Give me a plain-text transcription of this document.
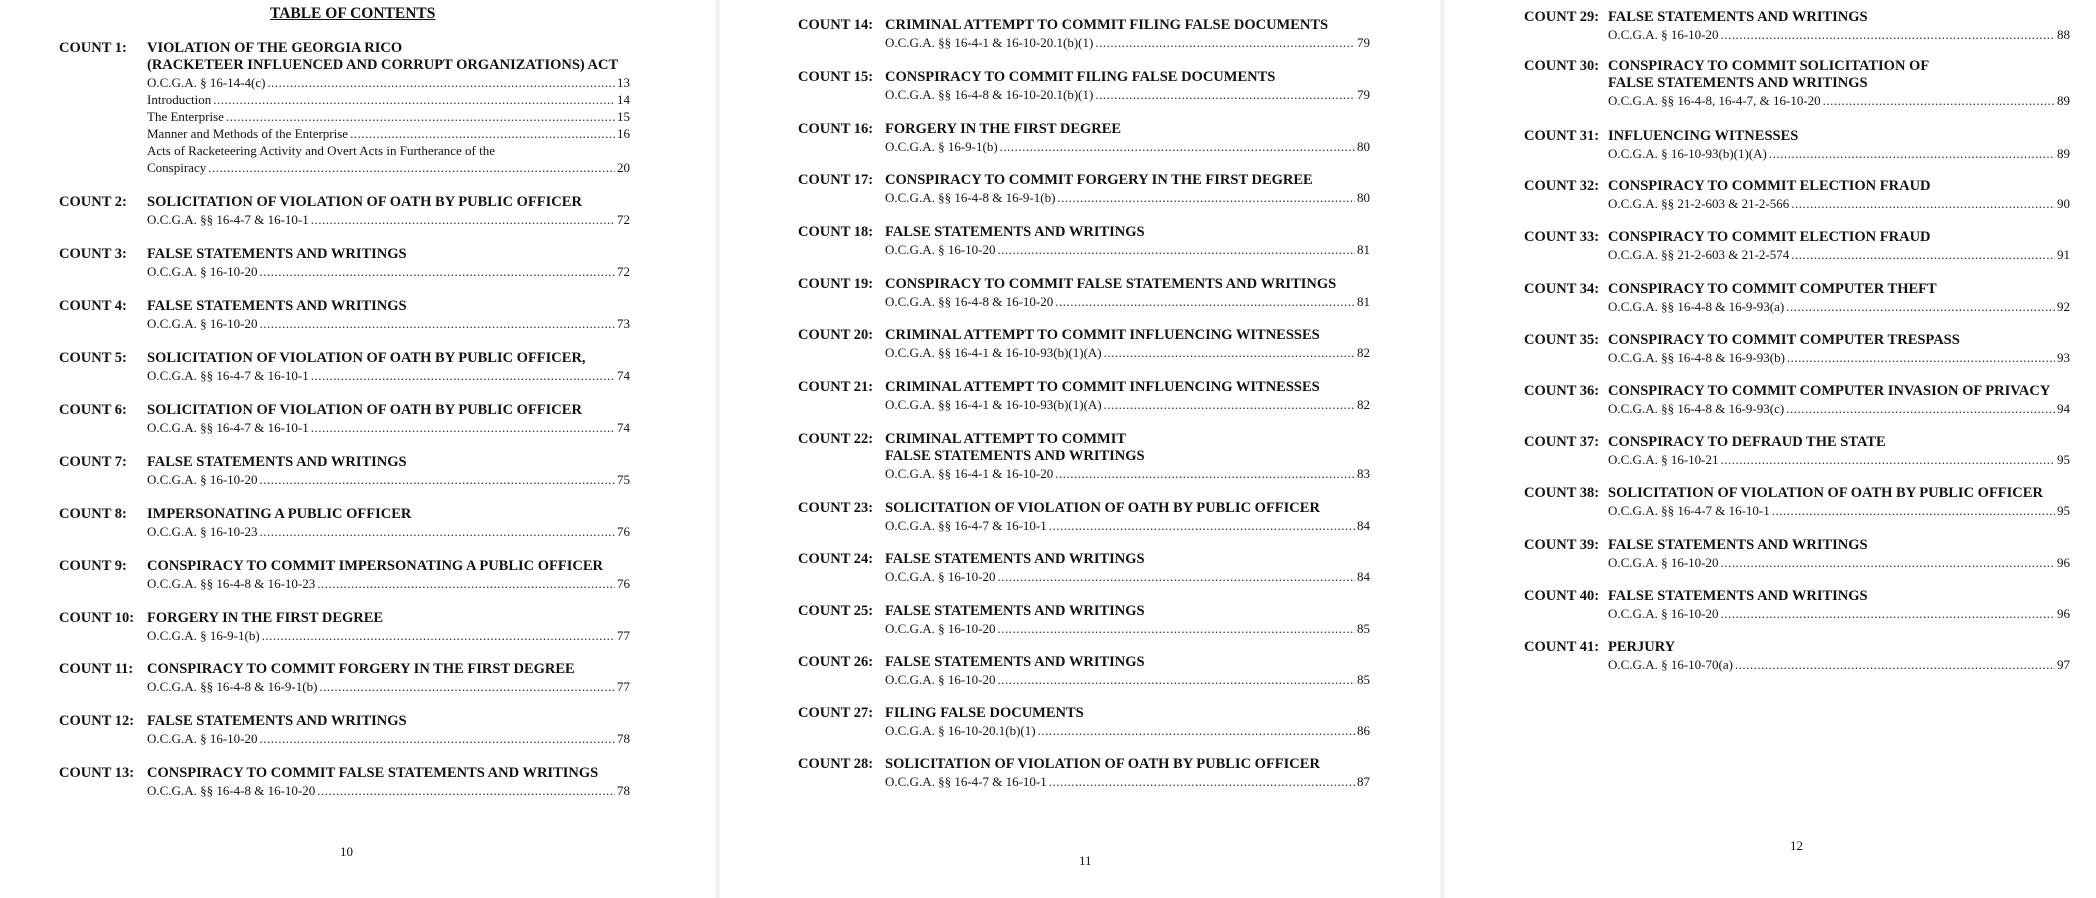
TABLE OF CONTENTS
10
COUNT 1: VIOLATION OF THE GEORGIA RICO
(RACKETEER INFLUENCED AND CORRUPT ORGANIZATIONS) ACT
O.C.G.A. § 16-14-4(c) .....	13
Introduction .....	14
The Enterprise .....	15
Manner and Methods of the Enterprise .....	16
Acts of Racketeering Activity and Overt Acts in Furtherance of the
Conspiracy .....	20
COUNT 2: SOLICITATION OF VIOLATION OF OATH BY PUBLIC OFFICER
O.C.G.A. §§ 16-4-7 & 16-10-1 .....	72
COUNT 3: FALSE STATEMENTS AND WRITINGS
O.C.G.A. § 16-10-20 .....	72
COUNT 4: FALSE STATEMENTS AND WRITINGS
O.C.G.A. § 16-10-20 .....	73
COUNT 5: SOLICITATION OF VIOLATION OF OATH BY PUBLIC OFFICER,
O.C.G.A. §§ 16-4-7 & 16-10-1 .....	74
COUNT 6: SOLICITATION OF VIOLATION OF OATH BY PUBLIC OFFICER
O.C.G.A. §§ 16-4-7 & 16-10-1 .....	74
COUNT 7: FALSE STATEMENTS AND WRITINGS
O.C.G.A. § 16-10-20 .....	75
COUNT 8: IMPERSONATING A PUBLIC OFFICER
O.C.G.A. § 16-10-23 .....	76
COUNT 9: CONSPIRACY TO COMMIT IMPERSONATING A PUBLIC OFFICER
O.C.G.A. §§ 16-4-8 & 16-10-23 .....	76
COUNT 10: FORGERY IN THE FIRST DEGREE
O.C.G.A. § 16-9-1(b) .....	77
COUNT 11: CONSPIRACY TO COMMIT FORGERY IN THE FIRST DEGREE
O.C.G.A. §§ 16-4-8 & 16-9-1(b) .....	77
COUNT 12: FALSE STATEMENTS AND WRITINGS
O.C.G.A. § 16-10-20 .....	78
COUNT 13: CONSPIRACY TO COMMIT FALSE STATEMENTS AND WRITINGS
O.C.G.A. §§ 16-4-8 & 16-10-20 .....	78
11
COUNT 14: CRIMINAL ATTEMPT TO COMMIT FILING FALSE DOCUMENTS
O.C.G.A. §§ 16-4-1 & 16-10-20.1(b)(1) .....	79
COUNT 15: CONSPIRACY TO COMMIT FILING FALSE DOCUMENTS
O.C.G.A. §§ 16-4-8 & 16-10-20.1(b)(1) .....	79
COUNT 16: FORGERY IN THE FIRST DEGREE
O.C.G.A. § 16-9-1(b) .....	80
COUNT 17: CONSPIRACY TO COMMIT FORGERY IN THE FIRST DEGREE
O.C.G.A. §§ 16-4-8 & 16-9-1(b) .....	80
COUNT 18: FALSE STATEMENTS AND WRITINGS
O.C.G.A. § 16-10-20 .....	81
COUNT 19: CONSPIRACY TO COMMIT FALSE STATEMENTS AND WRITINGS
O.C.G.A. §§ 16-4-8 & 16-10-20 .....	81
COUNT 20: CRIMINAL ATTEMPT TO COMMIT INFLUENCING WITNESSES
O.C.G.A. §§ 16-4-1 & 16-10-93(b)(1)(A) .....	82
COUNT 21: CRIMINAL ATTEMPT TO COMMIT INFLUENCING WITNESSES
O.C.G.A. §§ 16-4-1 & 16-10-93(b)(1)(A) .....	82
COUNT 22: CRIMINAL ATTEMPT TO COMMIT
FALSE STATEMENTS AND WRITINGS
O.C.G.A. §§ 16-4-1 & 16-10-20 .....	83
COUNT 23: SOLICITATION OF VIOLATION OF OATH BY PUBLIC OFFICER
O.C.G.A. §§ 16-4-7 & 16-10-1 .....	84
COUNT 24: FALSE STATEMENTS AND WRITINGS
O.C.G.A. § 16-10-20 .....	84
COUNT 25: FALSE STATEMENTS AND WRITINGS
O.C.G.A. § 16-10-20 .....	85
COUNT 26: FALSE STATEMENTS AND WRITINGS
O.C.G.A. § 16-10-20 .....	85
COUNT 27: FILING FALSE DOCUMENTS
O.C.G.A. § 16-10-20.1(b)(1) .....	86
COUNT 28: SOLICITATION OF VIOLATION OF OATH BY PUBLIC OFFICER
O.C.G.A. §§ 16-4-7 & 16-10-1 .....	87
12
COUNT 29: FALSE STATEMENTS AND WRITINGS
O.C.G.A. § 16-10-20 .....	88
COUNT 30: CONSPIRACY TO COMMIT SOLICITATION OF
FALSE STATEMENTS AND WRITINGS
O.C.G.A. §§ 16-4-8, 16-4-7, & 16-10-20 .....	89
COUNT 31: INFLUENCING WITNESSES
O.C.G.A. § 16-10-93(b)(1)(A) .....	89
COUNT 32: CONSPIRACY TO COMMIT ELECTION FRAUD
O.C.G.A. §§ 21-2-603 & 21-2-566 .....	90
COUNT 33: CONSPIRACY TO COMMIT ELECTION FRAUD
O.C.G.A. §§ 21-2-603 & 21-2-574 .....	91
COUNT 34: CONSPIRACY TO COMMIT COMPUTER THEFT
O.C.G.A. §§ 16-4-8 & 16-9-93(a) .....	92
COUNT 35: CONSPIRACY TO COMMIT COMPUTER TRESPASS
O.C.G.A. §§ 16-4-8 & 16-9-93(b) .....	93
COUNT 36: CONSPIRACY TO COMMIT COMPUTER INVASION OF PRIVACY
O.C.G.A. §§ 16-4-8 & 16-9-93(c) .....	94
COUNT 37: CONSPIRACY TO DEFRAUD THE STATE
O.C.G.A. § 16-10-21 .....	95
COUNT 38: SOLICITATION OF VIOLATION OF OATH BY PUBLIC OFFICER
O.C.G.A. §§ 16-4-7 & 16-10-1 .....	95
COUNT 39: FALSE STATEMENTS AND WRITINGS
O.C.G.A. § 16-10-20 .....	96
COUNT 40: FALSE STATEMENTS AND WRITINGS
O.C.G.A. § 16-10-20 .....	96
COUNT 41: PERJURY
O.C.G.A. § 16-10-70(a) .....	97
